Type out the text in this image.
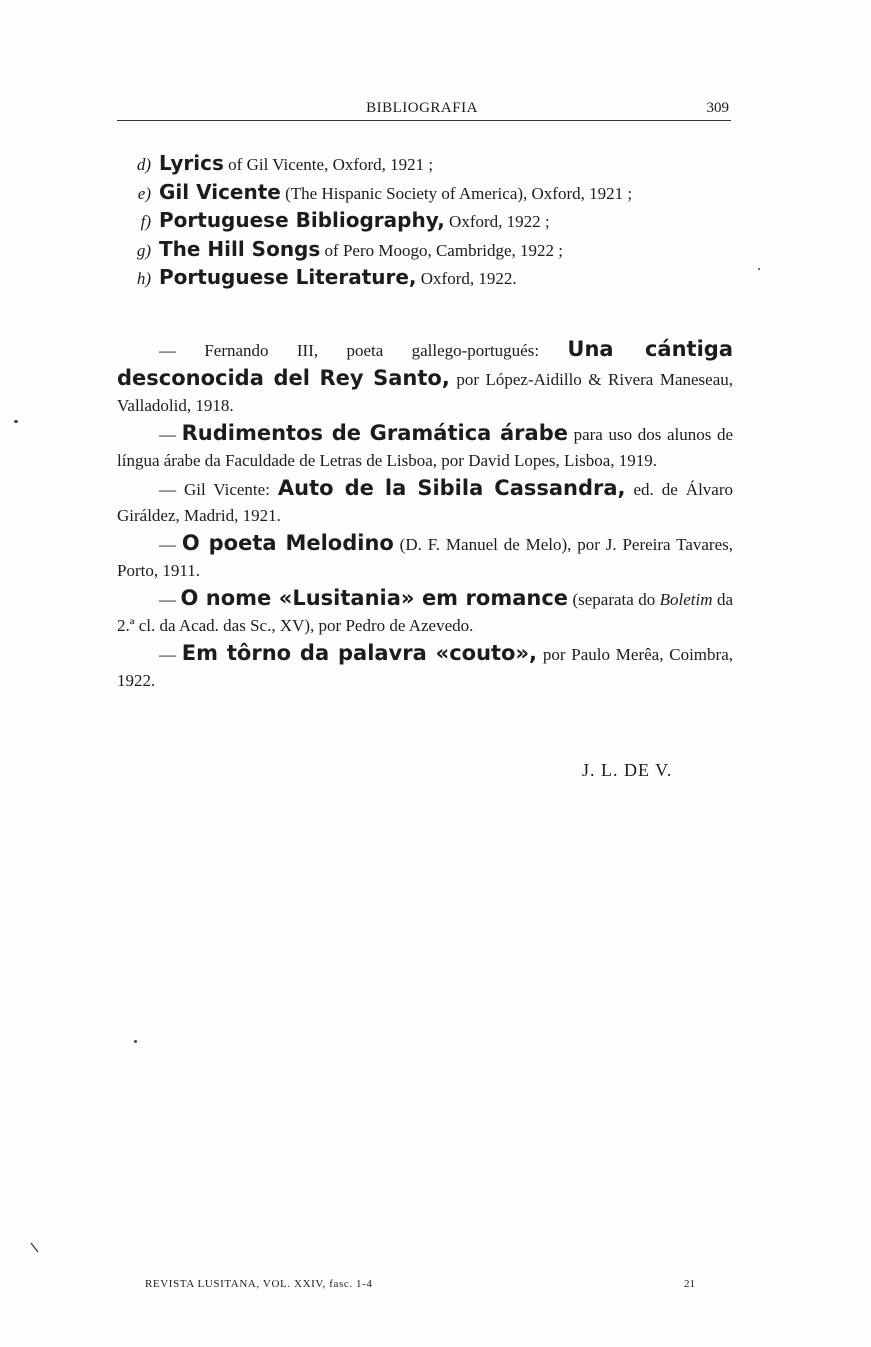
BIBLIOGRAFIA	309
d) Lyrics of Gil Vicente, Oxford, 1921 ;
e) Gil Vicente (The Hispanic Society of America), Oxford, 1921 ;
f) Portuguese Bibliography, Oxford, 1922 ;
g) The Hill Songs of Pero Moogo, Cambridge, 1922 ;
h) Portuguese Literature, Oxford, 1922.
— Fernando III, poeta gallego-portugués: Una cántiga desconocida del Rey Santo, por López-Aidillo & Rivera Maneseau, Valladolid, 1918.
— Rudimentos de Gramática árabe para uso dos alunos de língua árabe da Faculdade de Letras de Lisboa, por David Lopes, Lisboa, 1919.
— Gil Vicente: Auto de la Sibila Cassandra, ed. de Álvaro Giráldez, Madrid, 1921.
— O poeta Melodino (D. F. Manuel de Melo), por J. Pereira Tavares, Porto, 1911.
— O nome «Lusitania» em romance (separata do Boletim da 2.ª cl. da Acad. das Sc., XV), por Pedro de Azevedo.
— Em tôrno da palavra «couto», por Paulo Merêa, Coimbra, 1922.
J. L. DE V.
REVISTA LUSITANA, VOL. XXIV, fasc. 1-4	21
